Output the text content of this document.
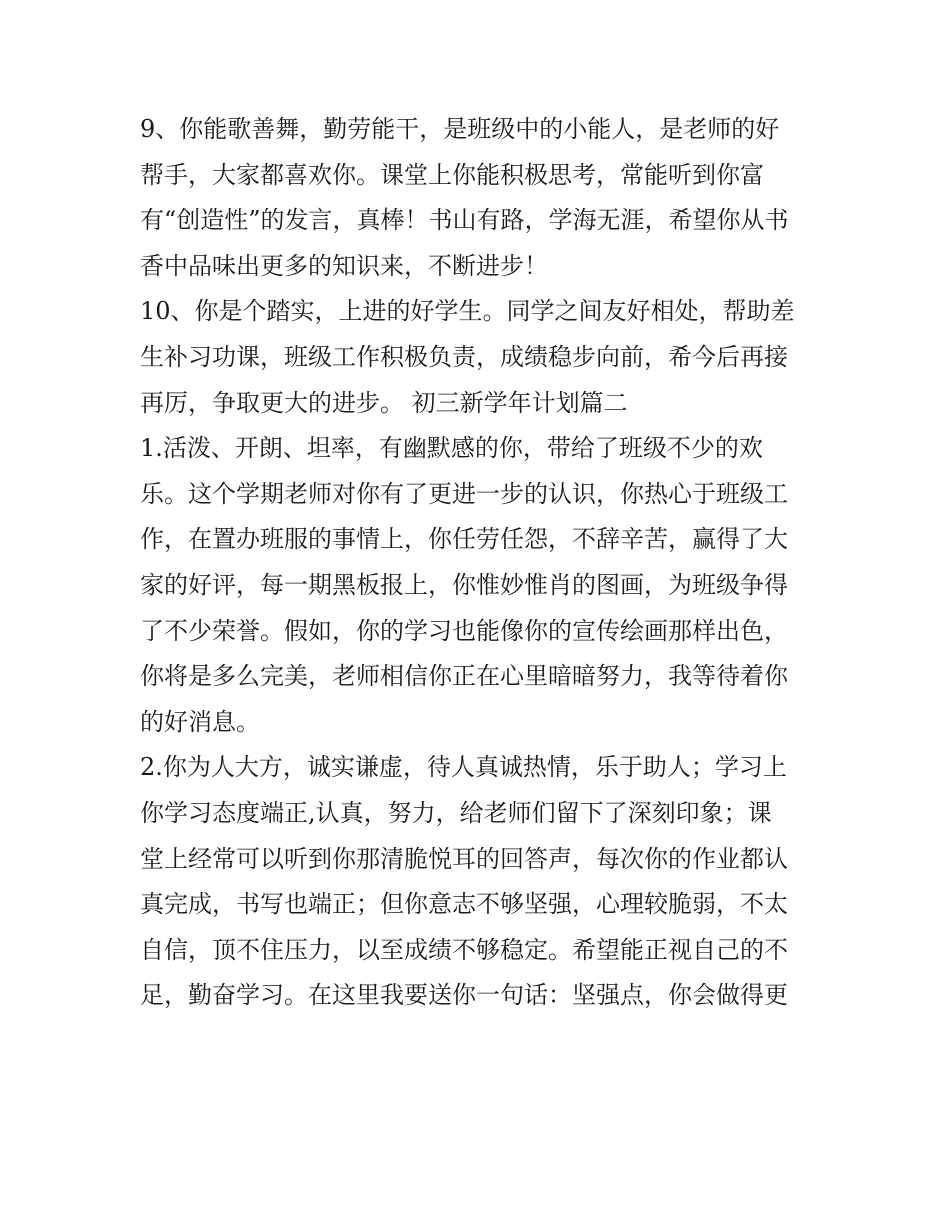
9、你能歌善舞，勤劳能干，是班级中的小能人，是老师的好
帮手，大家都喜欢你。课堂上你能积极思考，常能听到你富
有“创造性”的发言，真棒！书山有路，学海无涯，希望你从书
香中品味出更多的知识来，不断进步！
10、你是个踏实，上进的好学生。同学之间友好相处，帮助差
生补习功课，班级工作积极负责，成绩稳步向前，希今后再接
再厉，争取更大的进步。 初三新学年计划篇二
1.活泼、开朗、坦率，有幽默感的你，带给了班级不少的欢
乐。这个学期老师对你有了更进一步的认识，你热心于班级工
作，在置办班服的事情上，你任劳任怨，不辞辛苦，赢得了大
家的好评，每一期黑板报上，你惟妙惟肖的图画，为班级争得
了不少荣誉。假如，你的学习也能像你的宣传绘画那样出色，
你将是多么完美，老师相信你正在心里暗暗努力，我等待着你
的好消息。
2.你为人大方，诚实谦虚，待人真诚热情，乐于助人；学习上
你学习态度端正,认真，努力，给老师们留下了深刻印象；课
堂上经常可以听到你那清脆悦耳的回答声，每次你的作业都认
真完成，书写也端正；但你意志不够坚强，心理较脆弱，不太
自信，顶不住压力，以至成绩不够稳定。希望能正视自己的不
足，勤奋学习。在这里我要送你一句话：坚强点，你会做得更
